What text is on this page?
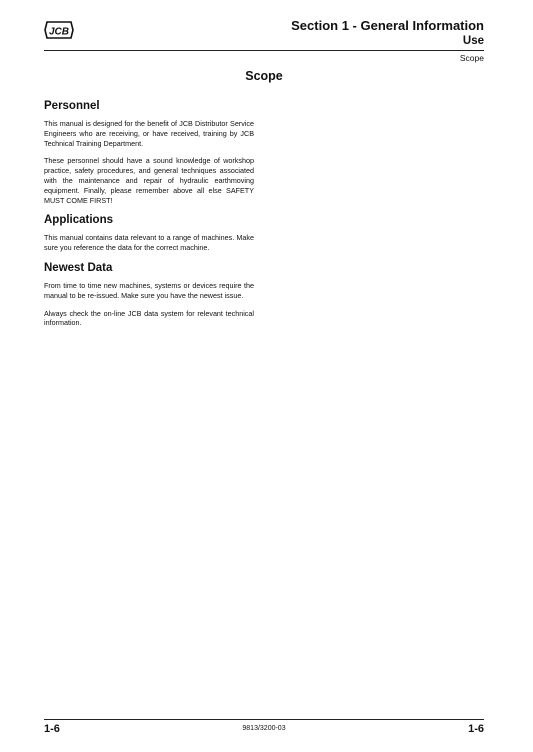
JCB	Section 1 - General Information
Use
Scope
Scope
Personnel

This manual is designed for the benefit of JCB Distributor Service Engineers who are receiving, or have received, training by JCB Technical Training Department.

These personnel should have a sound knowledge of workshop practice, safety procedures, and general techniques associated with the maintenance and repair of hydraulic earthmoving equipment. Finally, please remember above all else SAFETY MUST COME FIRST!

Applications

This manual contains data relevant to a range of machines. Make sure you reference the data for the correct machine.

Newest Data

From time to time new machines, systems or devices require the manual to be re-issued. Make sure you have the newest issue.

Always check the on-line JCB data system for relevant technical information.

1-6	9813/3200-03	1-6
